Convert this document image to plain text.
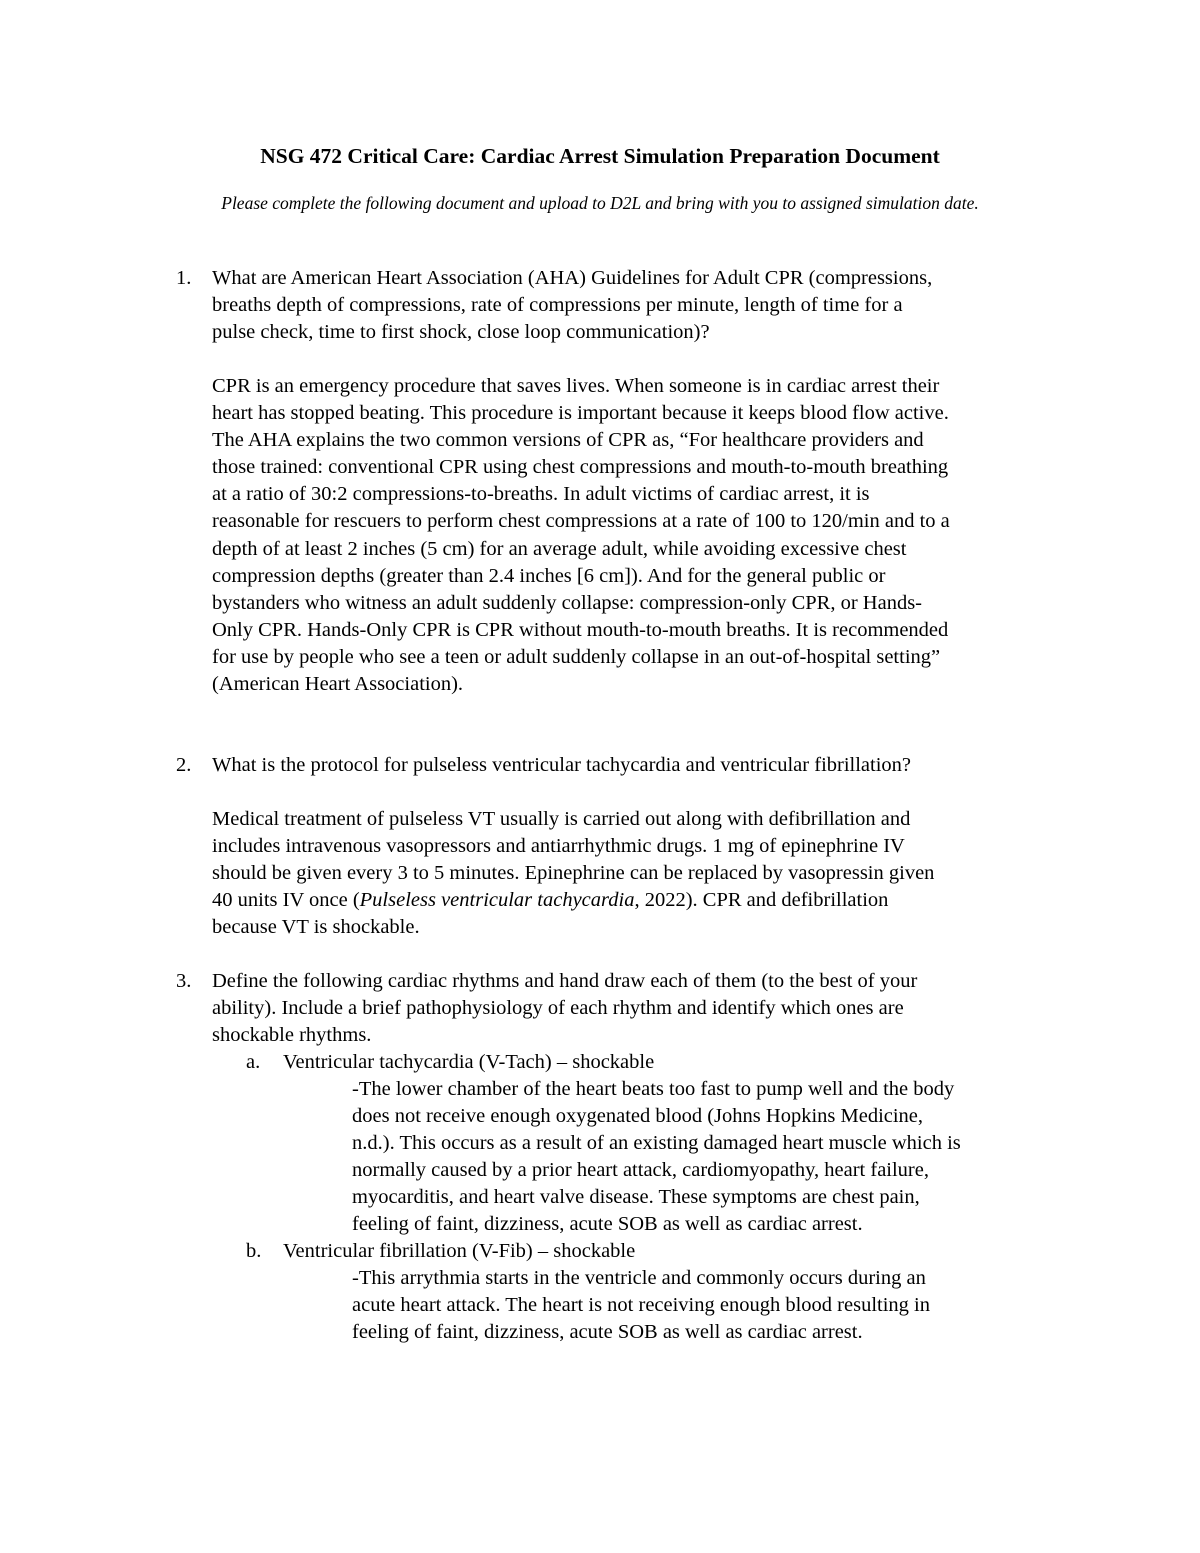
NSG 472 Critical Care: Cardiac Arrest Simulation Preparation Document
Please complete the following document and upload to D2L and bring with you to assigned simulation date.
1. What are American Heart Association (AHA) Guidelines for Adult CPR (compressions,
breaths depth of compressions, rate of compressions per minute, length of time for a
pulse check, time to first shock, close loop communication)?
CPR is an emergency procedure that saves lives. When someone is in cardiac arrest their
heart has stopped beating. This procedure is important because it keeps blood flow active.
The AHA explains the two common versions of CPR as, “For healthcare providers and
those trained: conventional CPR using chest compressions and mouth-to-mouth breathing
at a ratio of 30:2 compressions-to-breaths. In adult victims of cardiac arrest, it is
reasonable for rescuers to perform chest compressions at a rate of 100 to 120/min and to a
depth of at least 2 inches (5 cm) for an average adult, while avoiding excessive chest
compression depths (greater than 2.4 inches [6 cm]). And for the general public or
bystanders who witness an adult suddenly collapse: compression-only CPR, or Hands-
Only CPR. Hands-Only CPR is CPR without mouth-to-mouth breaths. It is recommended
for use by people who see a teen or adult suddenly collapse in an out-of-hospital setting”
(American Heart Association).
2. What is the protocol for pulseless ventricular tachycardia and ventricular fibrillation?
Medical treatment of pulseless VT usually is carried out along with defibrillation and
includes intravenous vasopressors and antiarrhythmic drugs. 1 mg of epinephrine IV
should be given every 3 to 5 minutes. Epinephrine can be replaced by vasopressin given
40 units IV once (Pulseless ventricular tachycardia, 2022). CPR and defibrillation
because VT is shockable.
3. Define the following cardiac rhythms and hand draw each of them (to the best of your
ability). Include a brief pathophysiology of each rhythm and identify which ones are
shockable rhythms.
a. Ventricular tachycardia (V-Tach) – shockable
-The lower chamber of the heart beats too fast to pump well and the body
does not receive enough oxygenated blood (Johns Hopkins Medicine,
n.d.). This occurs as a result of an existing damaged heart muscle which is
normally caused by a prior heart attack, cardiomyopathy, heart failure,
myocarditis, and heart valve disease. These symptoms are chest pain,
feeling of faint, dizziness, acute SOB as well as cardiac arrest.
b. Ventricular fibrillation (V-Fib) – shockable
-This arrythmia starts in the ventricle and commonly occurs during an
acute heart attack. The heart is not receiving enough blood resulting in
feeling of faint, dizziness, acute SOB as well as cardiac arrest.
